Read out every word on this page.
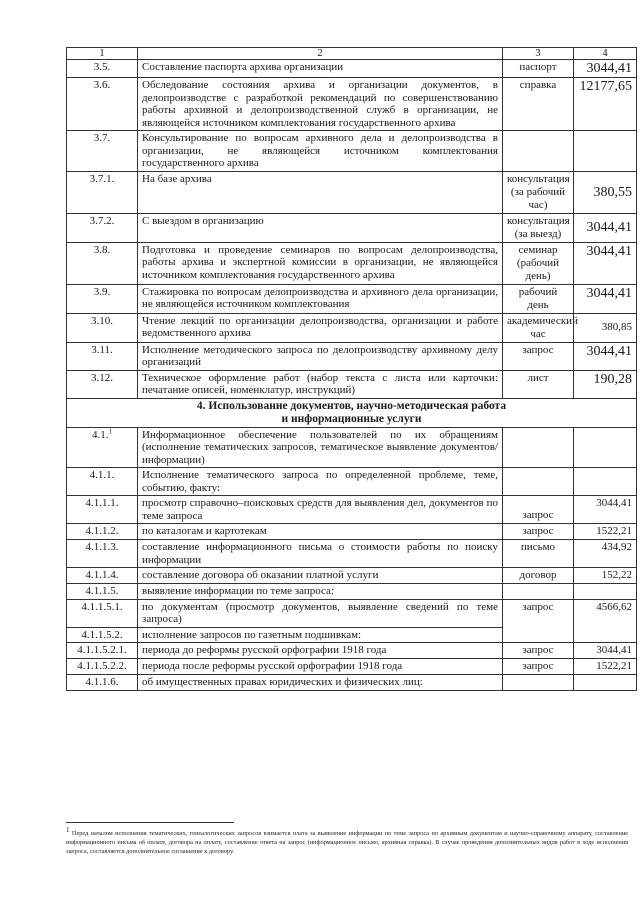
1	2	3	4
3.5.	Составление паспорта архива организации	паспорт	3044,41
3.6.	Обследование состояния архива и организации документов, в делопроизводстве с разработкой рекомендаций по совершенствованию работы архивной и делопроизводственной служб в организации, не являющейся источником комплектования государственного архива	справка	12177,65
3.7.	Консультирование по вопросам архивного дела и делопроизводства в организации, не являющейся источником комплектования государственного архива		
3.7.1.	На базе архива	консультация (за рабочий час)	380,55
3.7.2.	С выездом в организацию	консультация (за выезд)	3044,41
3.8.	Подготовка и проведение семинаров по вопросам делопроизводства, работы архива и экспертной комиссии в организации, не являющейся источником комплектования государственного архива	семинар (рабочий день)	3044,41
3.9.	Стажировка по вопросам делопроизводства и архивного дела организации, не являющейся источником комплектования	рабочий день	3044,41
3.10.	Чтение лекций по организации делопроизводства, организации и работе ведомственного архива	академический час	380,85
3.11.	Исполнение методического запроса по делопроизводству архивному делу организаций	запрос	3044,41
3.12.	Техническое оформление работ (набор текста с листа или карточки: печатание описей, номенклатур, инструкций)	лист	190,28

4. Использование документов, научно-методическая работа
и информационные услуги			

4.1.$^1$	Информационное обеспечение пользователей по их обращениям (исполнение тематических запросов, тематическое выявление документов/информации)		
4.1.1.	Исполнение тематического запроса по определенной проблеме, теме, событию, факту:		
4.1.1.1.	просмотр справочно–поисковых средств для выявления дел, документов по теме запроса	запрос	3044,41
4.1.1.2.	по каталогам и картотекам	запрос	1522,21
4.1.1.3.	составление информационного письма о стоимости работы по поиску информации	письмо	434,92
4.1.1.4.	составление договора об оказании платной услуги	договор	152,22
4.1.1.5.	выявление информации по теме запроса:		
4.1.1.5.1.	по документам (просмотр документов, выявление сведений по теме запроса)	запрос	4566,62
4.1.1.5.2.	исполнение запросов по газетным подшивкам:		
4.1.1.5.2.1.	периода до реформы русской орфографии 1918 года	запрос	3044,41
4.1.1.5.2.2.	периода после реформы русской орфографии 1918 года	запрос	1522,21
4.1.1.6.	об имущественных правах юридических и физических лиц:		
$^1$ Перед началом исполнения тематических, генеалогических запросов взимается плата за выявление информации по теме запроса по архивным документам и научно-справочному аппарату, составление информационного письма об оплате, договора на оплату, составление ответа на запрос (информационное письмо, архивная справка). В случае проведения дополнительных видов работ в ходе исполнения запроса, составляется дополнительное соглашение к договору.
